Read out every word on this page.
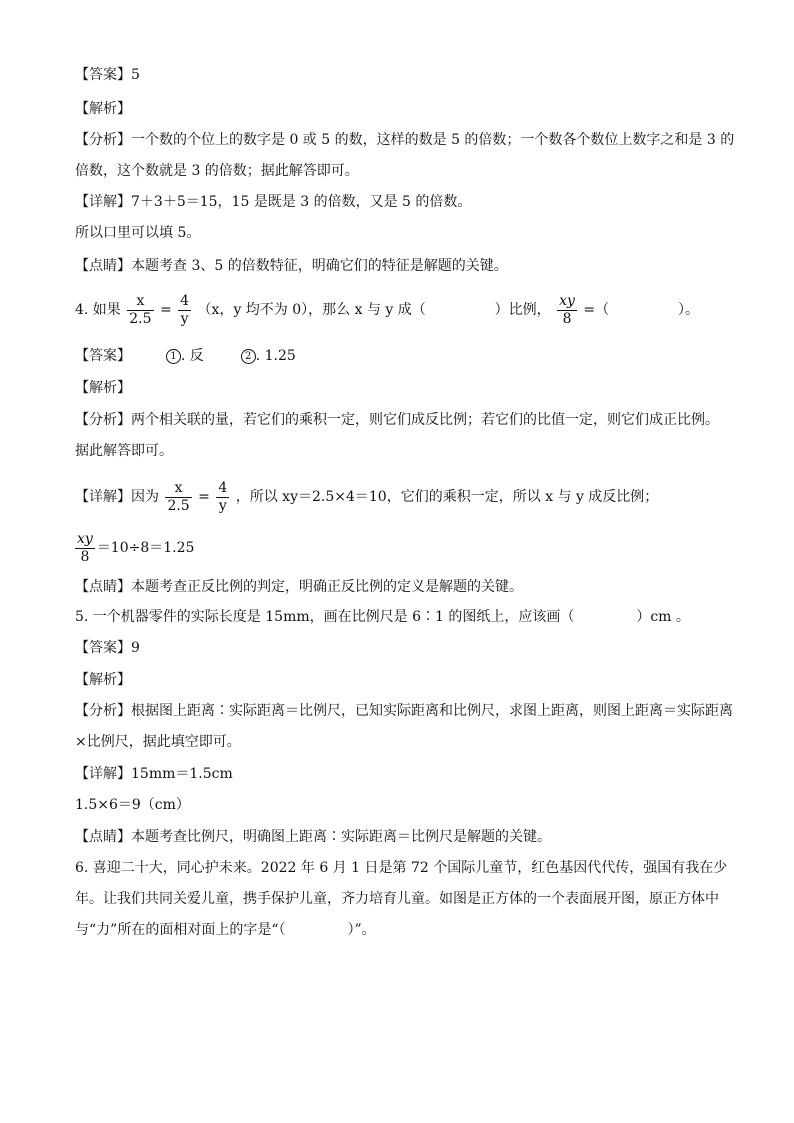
【答案】5
【解析】
【分析】一个数的个位上的数字是 0 或 5 的数，这样的数是 5 的倍数；一个数各个数位上数字之和是 3 的
倍数，这个数就是 3 的倍数；据此解答即可。
【详解】7＋3＋5＝15，15 是既是 3 的倍数，又是 5 的倍数。
所以口里可以填 5。
【点睛】本题考查 3、5 的倍数特征，明确它们的特征是解题的关键。
4. 如果 $\frac{x}{2.5} = \frac{4}{y} (x$，y 均不为 0），那么 x 与 y 成（	）比例， $\frac{xy}{8}$ =（	）。
【答案】	1 . 反	2 . 1.25
【解析】
【分析】两个相关联的量，若它们的乘积一定，则它们成反比例；若它们的比值一定，则它们成正比例。
据此解答即可。
【详解】因为 $\frac{x}{2.5} = \frac{4}{y}$ ，所以 xy＝2.5×4＝10，它们的乘积一定，所以 x 与 y 成反比例；
$\frac{xy}{8} =10\div 8=1.25$
【点睛】本题考查正反比例的判定，明确正反比例的定义是解题的关键。
5. 一个机器零件的实际长度是 15mm，画在比例尺是 6∶1 的图纸上，应该画（	）cm 。
【答案】9
【解析】
【分析】根据图上距离∶实际距离＝比例尺，已知实际距离和比例尺，求图上距离，则图上距离＝实际距离
×比例尺，据此填空即可。
【详解】15mm＝1.5cm
1.5×6＝9（cm）
【点睛】本题考查比例尺，明确图上距离∶实际距离＝比例尺是解题的关键。
6. 喜迎二十大，同心护未来。2022 年 6 月 1 日是第 72 个国际儿童节，红色基因代代传，强国有我在少
年。让我们共同关爱儿童，携手保护儿童，齐力培育儿童。如图是正方体的一个表面展开图，原正方体中
与“力”所在的面相对面上的字是“（	）”。
